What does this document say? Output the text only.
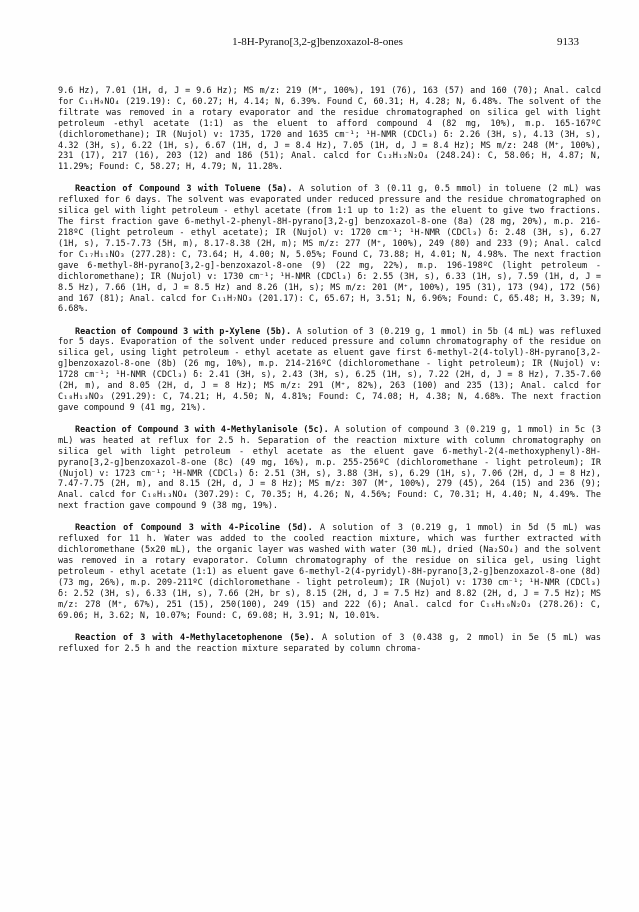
1-8H-Pyrano[3,2-g]benzoxazol-8-ones	9133

9.6 Hz), 7.01 (1H, d, J = 9.6 Hz); MS m/z: 219 (M⁺, 100%), 191 (76), 163 (57) and 160 (70); Anal. calcd for C₁₁H₉NO₄ (219.19): C, 60.27; H, 4.14; N, 6.39%. Found C, 60.31; H, 4.28; N, 6.48%. The solvent of the filtrate was removed in a rotary evaporator and the residue chromatographed on silica gel with light petroleum -ethyl acetate (1:1) as the eluent to afford compound 4 (82 mg, 10%), m.p. 165-167ºC (dichloromethane); IR (Nujol) v: 1735, 1720 and 1635 cm⁻¹; ¹H-NMR (CDCl₃) δ: 2.26 (3H, s), 4.13 (3H, s), 4.32 (3H, s), 6.22 (1H, s), 6.67 (1H, d, J = 8.4 Hz), 7.05 (1H, d, J = 8.4 Hz); MS m/z: 248 (M⁺, 100%), 231 (17), 217 (16), 203 (12) and 186 (51); Anal. calcd for C₁₂H₁₂N₂O₄ (248.24): C, 58.06; H, 4.87; N, 11.29%; Found: C, 58.27; H, 4.79; N, 11.28%.

Reaction of Compound 3 with Toluene (5a). A solution of 3 (0.11 g, 0.5 mmol) in toluene (2 mL) was refluxed for 6 days. The solvent was evaporated under reduced pressure and the residue chromatographed on silica gel with light petroleum - ethyl acetate (from 1:1 up to 1:2) as the eluent to give two fractions. The first fraction gave 6-methyl-2-phenyl-8H-pyrano[3,2-g] benzoxazol-8-one (8a) (28 mg, 20%), m.p. 216-218ºC (light petroleum - ethyl acetate); IR (Nujol) v: 1720 cm⁻¹; ¹H-NMR (CDCl₃) δ: 2.48 (3H, s), 6.27 (1H, s), 7.15-7.73 (5H, m), 8.17-8.38 (2H, m); MS m/z: 277 (M⁺, 100%), 249 (80) and 233 (9); Anal. calcd for C₁₇H₁₁NO₃ (277.28): C, 73.64; H, 4.00; N, 5.05%; Found C, 73.88; H, 4.01; N, 4.98%. The next fraction gave 6-methyl-8H-pyrano[3,2-g]-benzoxazol-8-one (9) (22 mg, 22%), m.p. 196-198ºC (light petroleum - dichloromethane); IR (Nujol) v: 1730 cm⁻¹; ¹H-NMR (CDCl₃) δ: 2.55 (3H, s), 6.33 (1H, s), 7.59 (1H, d, J = 8.5 Hz), 7.66 (1H, d, J = 8.5 Hz) and 8.26 (1H, s); MS m/z: 201 (M⁺, 100%), 195 (31), 173 (94), 172 (56) and 167 (81); Anal. calcd for C₁₁H₇NO₃ (201.17): C, 65.67; H, 3.51; N, 6.96%; Found: C, 65.48; H, 3.39; N, 6.68%.

Reaction of Compound 3 with p-Xylene (5b). A solution of 3 (0.219 g, 1 mmol) in 5b (4 mL) was refluxed for 5 days. Evaporation of the solvent under reduced pressure and column chromatography of the residue on silica gel, using light petroleum - ethyl acetate as eluent gave first 6-methyl-2(4-tolyl)-8H-pyrano[3,2-g]benzoxazol-8-one (8b) (26 mg, 10%), m.p. 214-216ºC (dichloromethane - light petroleum); IR (Nujol) v: 1728 cm⁻¹; ¹H-NMR (CDCl₃) δ: 2.41 (3H, s), 2.43 (3H, s), 6.25 (1H, s), 7.22 (2H, d, J = 8 Hz), 7.35-7.60 (2H, m), and 8.05 (2H, d, J = 8 Hz); MS m/z: 291 (M⁺, 82%), 263 (100) and 235 (13); Anal. calcd for C₁₈H₁₃NO₃ (291.29): C, 74.21; H, 4.50; N, 4.81%; Found: C, 74.08; H, 4.38; N, 4.68%. The next fraction gave compound 9 (41 mg, 21%).

Reaction of Compound 3 with 4-Methylanisole (5c). A solution of compound 3 (0.219 g, 1 mmol) in 5c (3 mL) was heated at reflux for 2.5 h. Separation of the reaction mixture with column chromatography on silica gel with light petroleum - ethyl acetate as the eluent gave 6-methyl-2(4-methoxyphenyl)-8H-pyrano[3,2-g]benzoxazol-8-one (8c) (49 mg, 16%), m.p. 255-256ºC (dichloromethane - light petroleum); IR (Nujol) v: 1723 cm⁻¹; ¹H-NMR (CDCl₃) δ: 2.51 (3H, s), 3.88 (3H, s), 6.29 (1H, s), 7.06 (2H, d, J = 8 Hz), 7.47-7.75 (2H, m), and 8.15 (2H, d, J = 8 Hz); MS m/z: 307 (M⁺, 100%), 279 (45), 264 (15) and 236 (9); Anal. calcd for C₁₈H₁₃NO₄ (307.29): C, 70.35; H, 4.26; N, 4.56%; Found: C, 70.31; H, 4.40; N, 4.49%. The next fraction gave compound 9 (38 mg, 19%).

Reaction of Compound 3 with 4-Picoline (5d). A solution of 3 (0.219 g, 1 mmol) in 5d (5 mL) was refluxed for 11 h. Water was added to the cooled reaction mixture, which was further extracted with dichloromethane (5x20 mL), the organic layer was washed with water (30 mL), dried (Na₂SO₄) and the solvent was removed in a rotary evaporator. Column chromatography of the residue on silica gel, using light petroleum - ethyl acetate (1:1) as eluent gave 6-methyl-2(4-pyridyl)-8H-pyrano[3,2-g]benzoxazol-8-one (8d) (73 mg, 26%), m.p. 209-211ºC (dichloromethane - light petroleum); IR (Nujol) v: 1730 cm⁻¹; ¹H-NMR (CDCl₃) δ: 2.52 (3H, s), 6.33 (1H, s), 7.66 (2H, br s), 8.15 (2H, d, J = 7.5 Hz) and 8.82 (2H, d, J = 7.5 Hz); MS m/z: 278 (M⁺, 67%), 251 (15), 250(100), 249 (15) and 222 (6); Anal. calcd for C₁₆H₁₀N₂O₃ (278.26): C, 69.06; H, 3.62; N, 10.07%; Found: C, 69.08; H, 3.91; N, 10.01%.

Reaction of 3 with 4-Methylacetophenone (5e). A solution of 3 (0.438 g, 2 mmol) in 5e (5 mL) was refluxed for 2.5 h and the reaction mixture separated by column chroma-
